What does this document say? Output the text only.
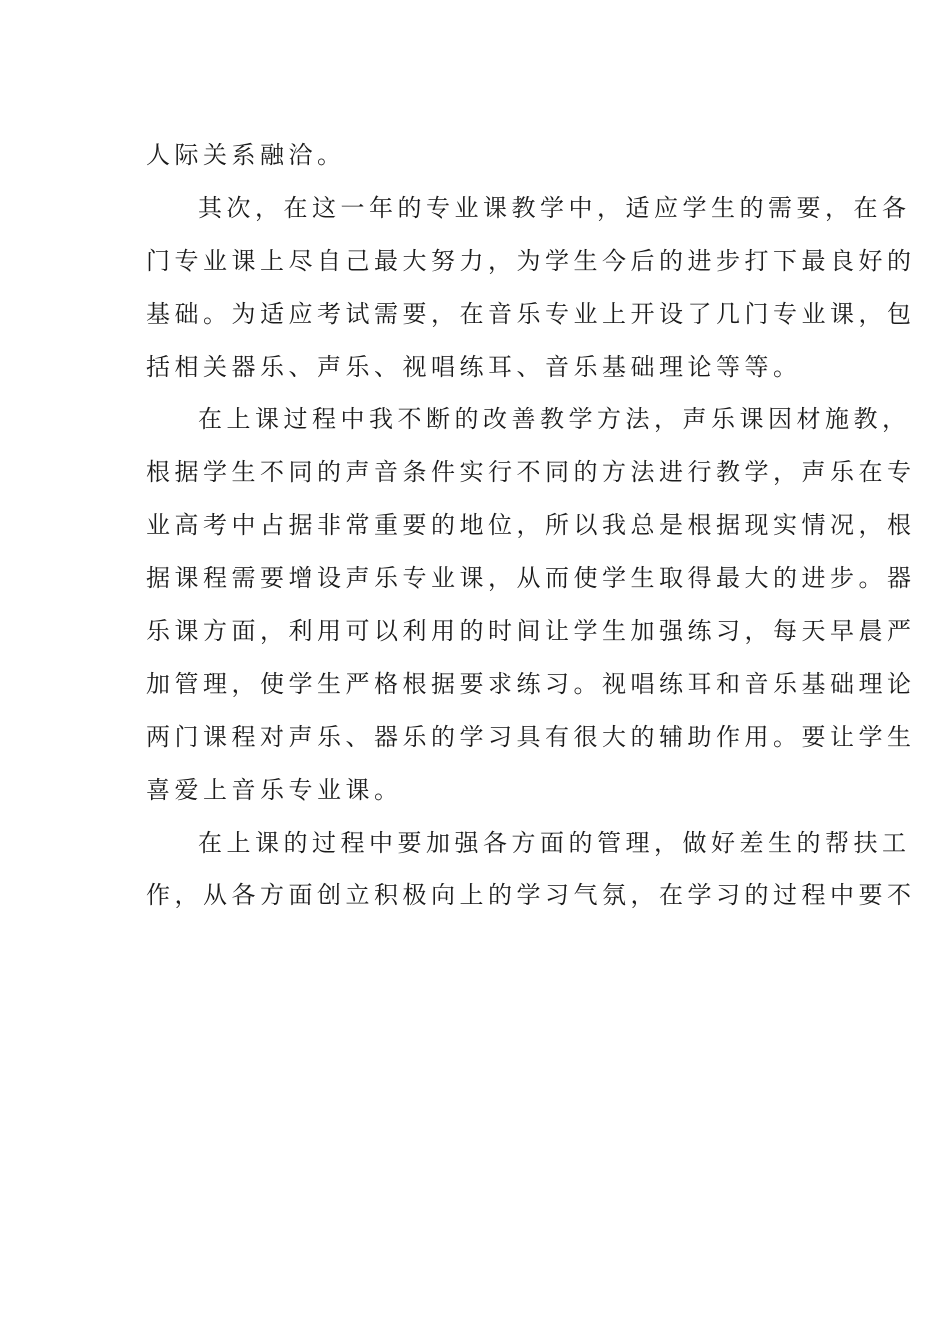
人际关系融洽。
其次，在这一年的专业课教学中，适应学生的需要，在各
门专业课上尽自己最大努力，为学生今后的进步打下最良好的
基础。为适应考试需要，在音乐专业上开设了几门专业课，包
括相关器乐、声乐、视唱练耳、音乐基础理论等等。
在上课过程中我不断的改善教学方法，声乐课因材施教，
根据学生不同的声音条件实行不同的方法进行教学，声乐在专
业高考中占据非常重要的地位，所以我总是根据现实情况，根
据课程需要增设声乐专业课，从而使学生取得最大的进步。器
乐课方面，利用可以利用的时间让学生加强练习，每天早晨严
加管理，使学生严格根据要求练习。视唱练耳和音乐基础理论
两门课程对声乐、器乐的学习具有很大的辅助作用。要让学生
喜爱上音乐专业课。
在上课的过程中要加强各方面的管理，做好差生的帮扶工
作，从各方面创立积极向上的学习气氛，在学习的过程中要不
